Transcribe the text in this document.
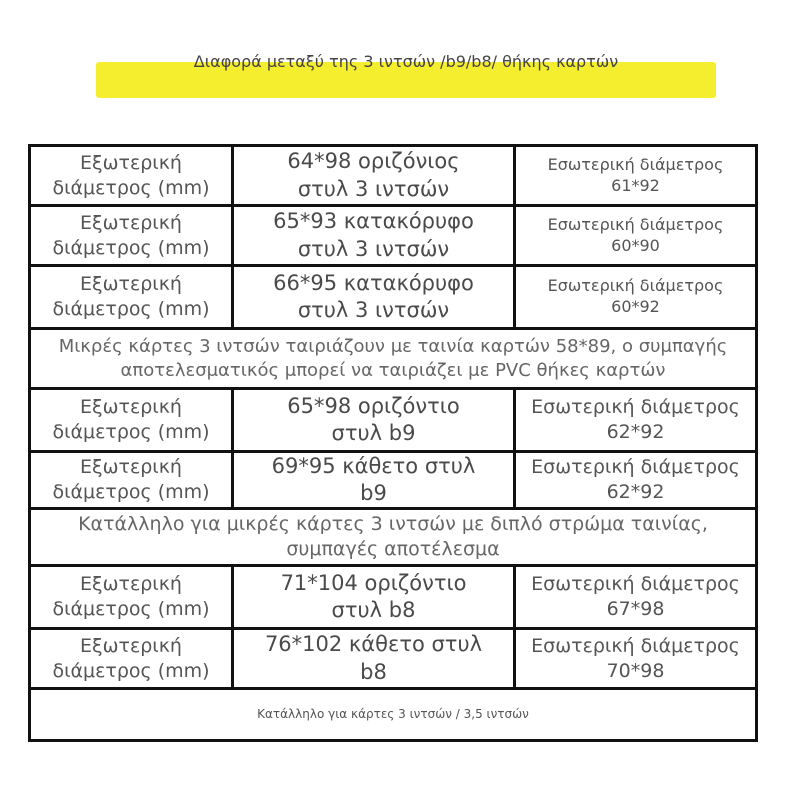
Διαφορά μεταξύ της 3 ιντσών /b9/b8/ θήκης καρτών
Εξωτερική διάμετρος (mm)
64*98 οριζόνιος στυλ 3 ιντσών
Εσωτερική διάμετρος 61*92
Εξωτερική διάμετρος (mm)
65*93 κατακόρυφο στυλ 3 ιντσών
Εσωτερική διάμετρος 60*90
Εξωτερική διάμετρος (mm)
66*95 κατακόρυφο στυλ 3 ιντσών
Εσωτερική διάμετρος 60*92
Μικρές κάρτες 3 ιντσών ταιριάζουν με ταινία καρτών 58*89, ο συμπαγής αποτελεσματικός μπορεί να ταιριάζει με PVC θήκες καρτών
Εξωτερική διάμετρος (mm)
65*98 οριζόντιο στυλ b9
Εσωτερική διάμετρος 62*92
Εξωτερική διάμετρος (mm)
69*95 κάθετο στυλ b9
Εσωτερική διάμετρος 62*92
Κατάλληλο για μικρές κάρτες 3 ιντσών με διπλό στρώμα ταινίας, συμπαγές αποτέλεσμα
Εξωτερική διάμετρος (mm)
71*104 οριζόντιο στυλ b8
Εσωτερική διάμετρος 67*98
Εξωτερική διάμετρος (mm)
76*102 κάθετο στυλ b8
Εσωτερική διάμετρος 70*98
Κατάλληλο για κάρτες 3 ιντσών / 3,5 ιντσών
